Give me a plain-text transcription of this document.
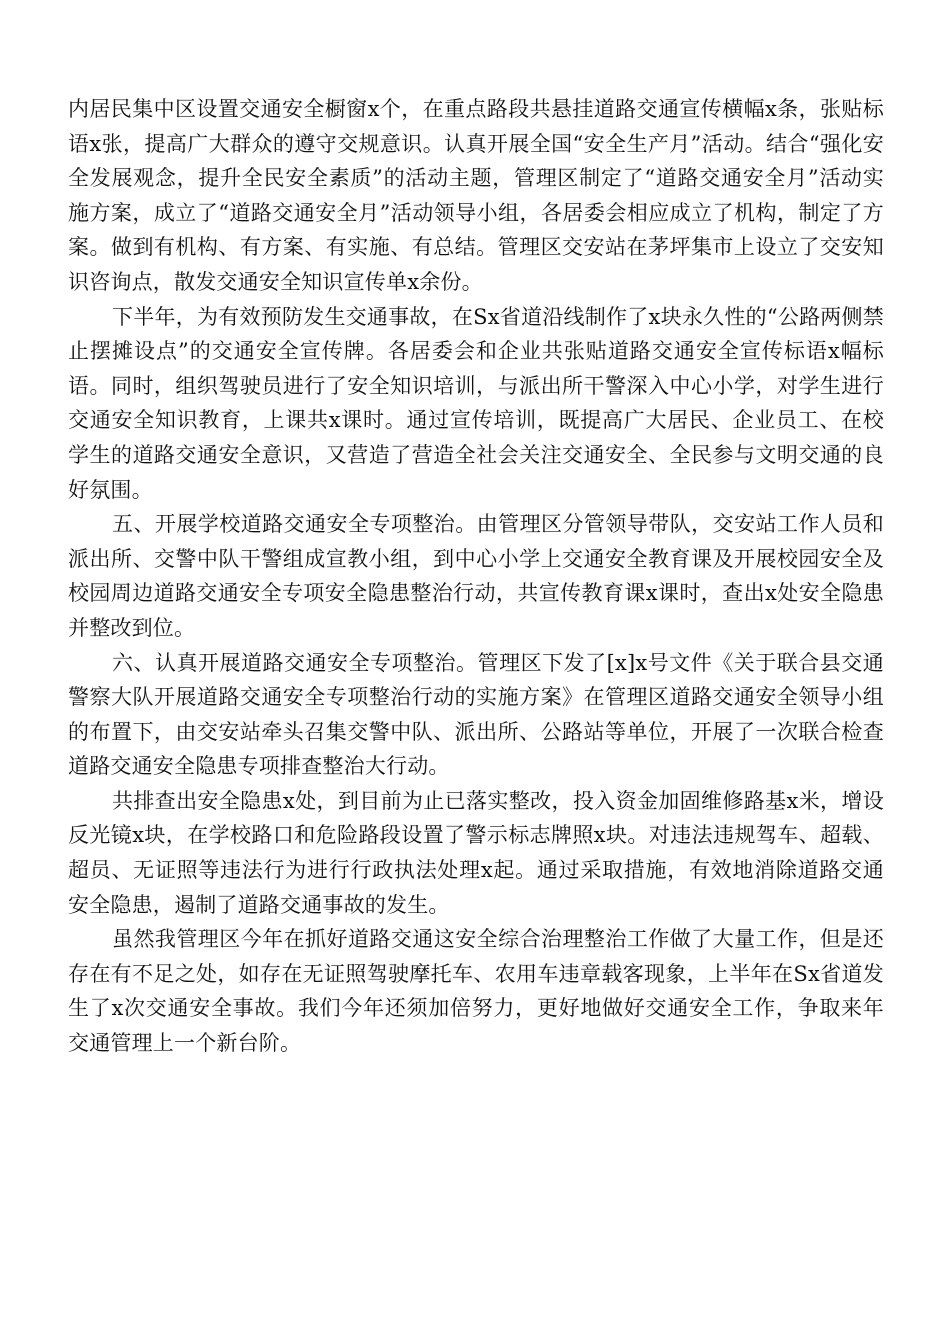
内居民集中区设置交通安全橱窗x个，在重点路段共悬挂道路交通宣传横幅x条，张贴标语x张，提高广大群众的遵守交规意识。认真开展全国“安全生产月”活动。结合“强化安全发展观念，提升全民安全素质”的活动主题，管理区制定了“道路交通安全月”活动实施方案，成立了“道路交通安全月”活动领导小组，各居委会相应成立了机构，制定了方案。做到有机构、有方案、有实施、有总结。管理区交安站在茅坪集市上设立了交安知识咨询点，散发交通安全知识宣传单x余份。

下半年，为有效预防发生交通事故，在Sx省道沿线制作了x块永久性的“公路两侧禁止摆摊设点”的交通安全宣传牌。各居委会和企业共张贴道路交通安全宣传标语x幅标语。同时，组织驾驶员进行了安全知识培训，与派出所干警深入中心小学，对学生进行交通安全知识教育，上课共x课时。通过宣传培训，既提高广大居民、企业员工、在校学生的道路交通安全意识，又营造了营造全社会关注交通安全、全民参与文明交通的良好氛围。

五、开展学校道路交通安全专项整治。由管理区分管领导带队，交安站工作人员和派出所、交警中队干警组成宣教小组，到中心小学上交通安全教育课及开展校园安全及校园周边道路交通安全专项安全隐患整治行动，共宣传教育课x课时，查出x处安全隐患并整改到位。

六、认真开展道路交通安全专项整治。管理区下发了[x]x号文件《关于联合县交通警察大队开展道路交通安全专项整治行动的实施方案》在管理区道路交通安全领导小组的布置下，由交安站牵头召集交警中队、派出所、公路站等单位，开展了一次联合检查道路交通安全隐患专项排查整治大行动。

共排查出安全隐患x处，到目前为止已落实整改，投入资金加固维修路基x米，增设反光镜x块，在学校路口和危险路段设置了警示标志牌照x块。对违法违规驾车、超载、超员、无证照等违法行为进行行政执法处理x起。通过采取措施，有效地消除道路交通安全隐患，遏制了道路交通事故的发生。

虽然我管理区今年在抓好道路交通这安全综合治理整治工作做了大量工作，但是还存在有不足之处，如存在无证照驾驶摩托车、农用车违章载客现象，上半年在Sx省道发生了x次交通安全事故。我们今年还须加倍努力，更好地做好交通安全工作，争取来年交通管理上一个新台阶。
